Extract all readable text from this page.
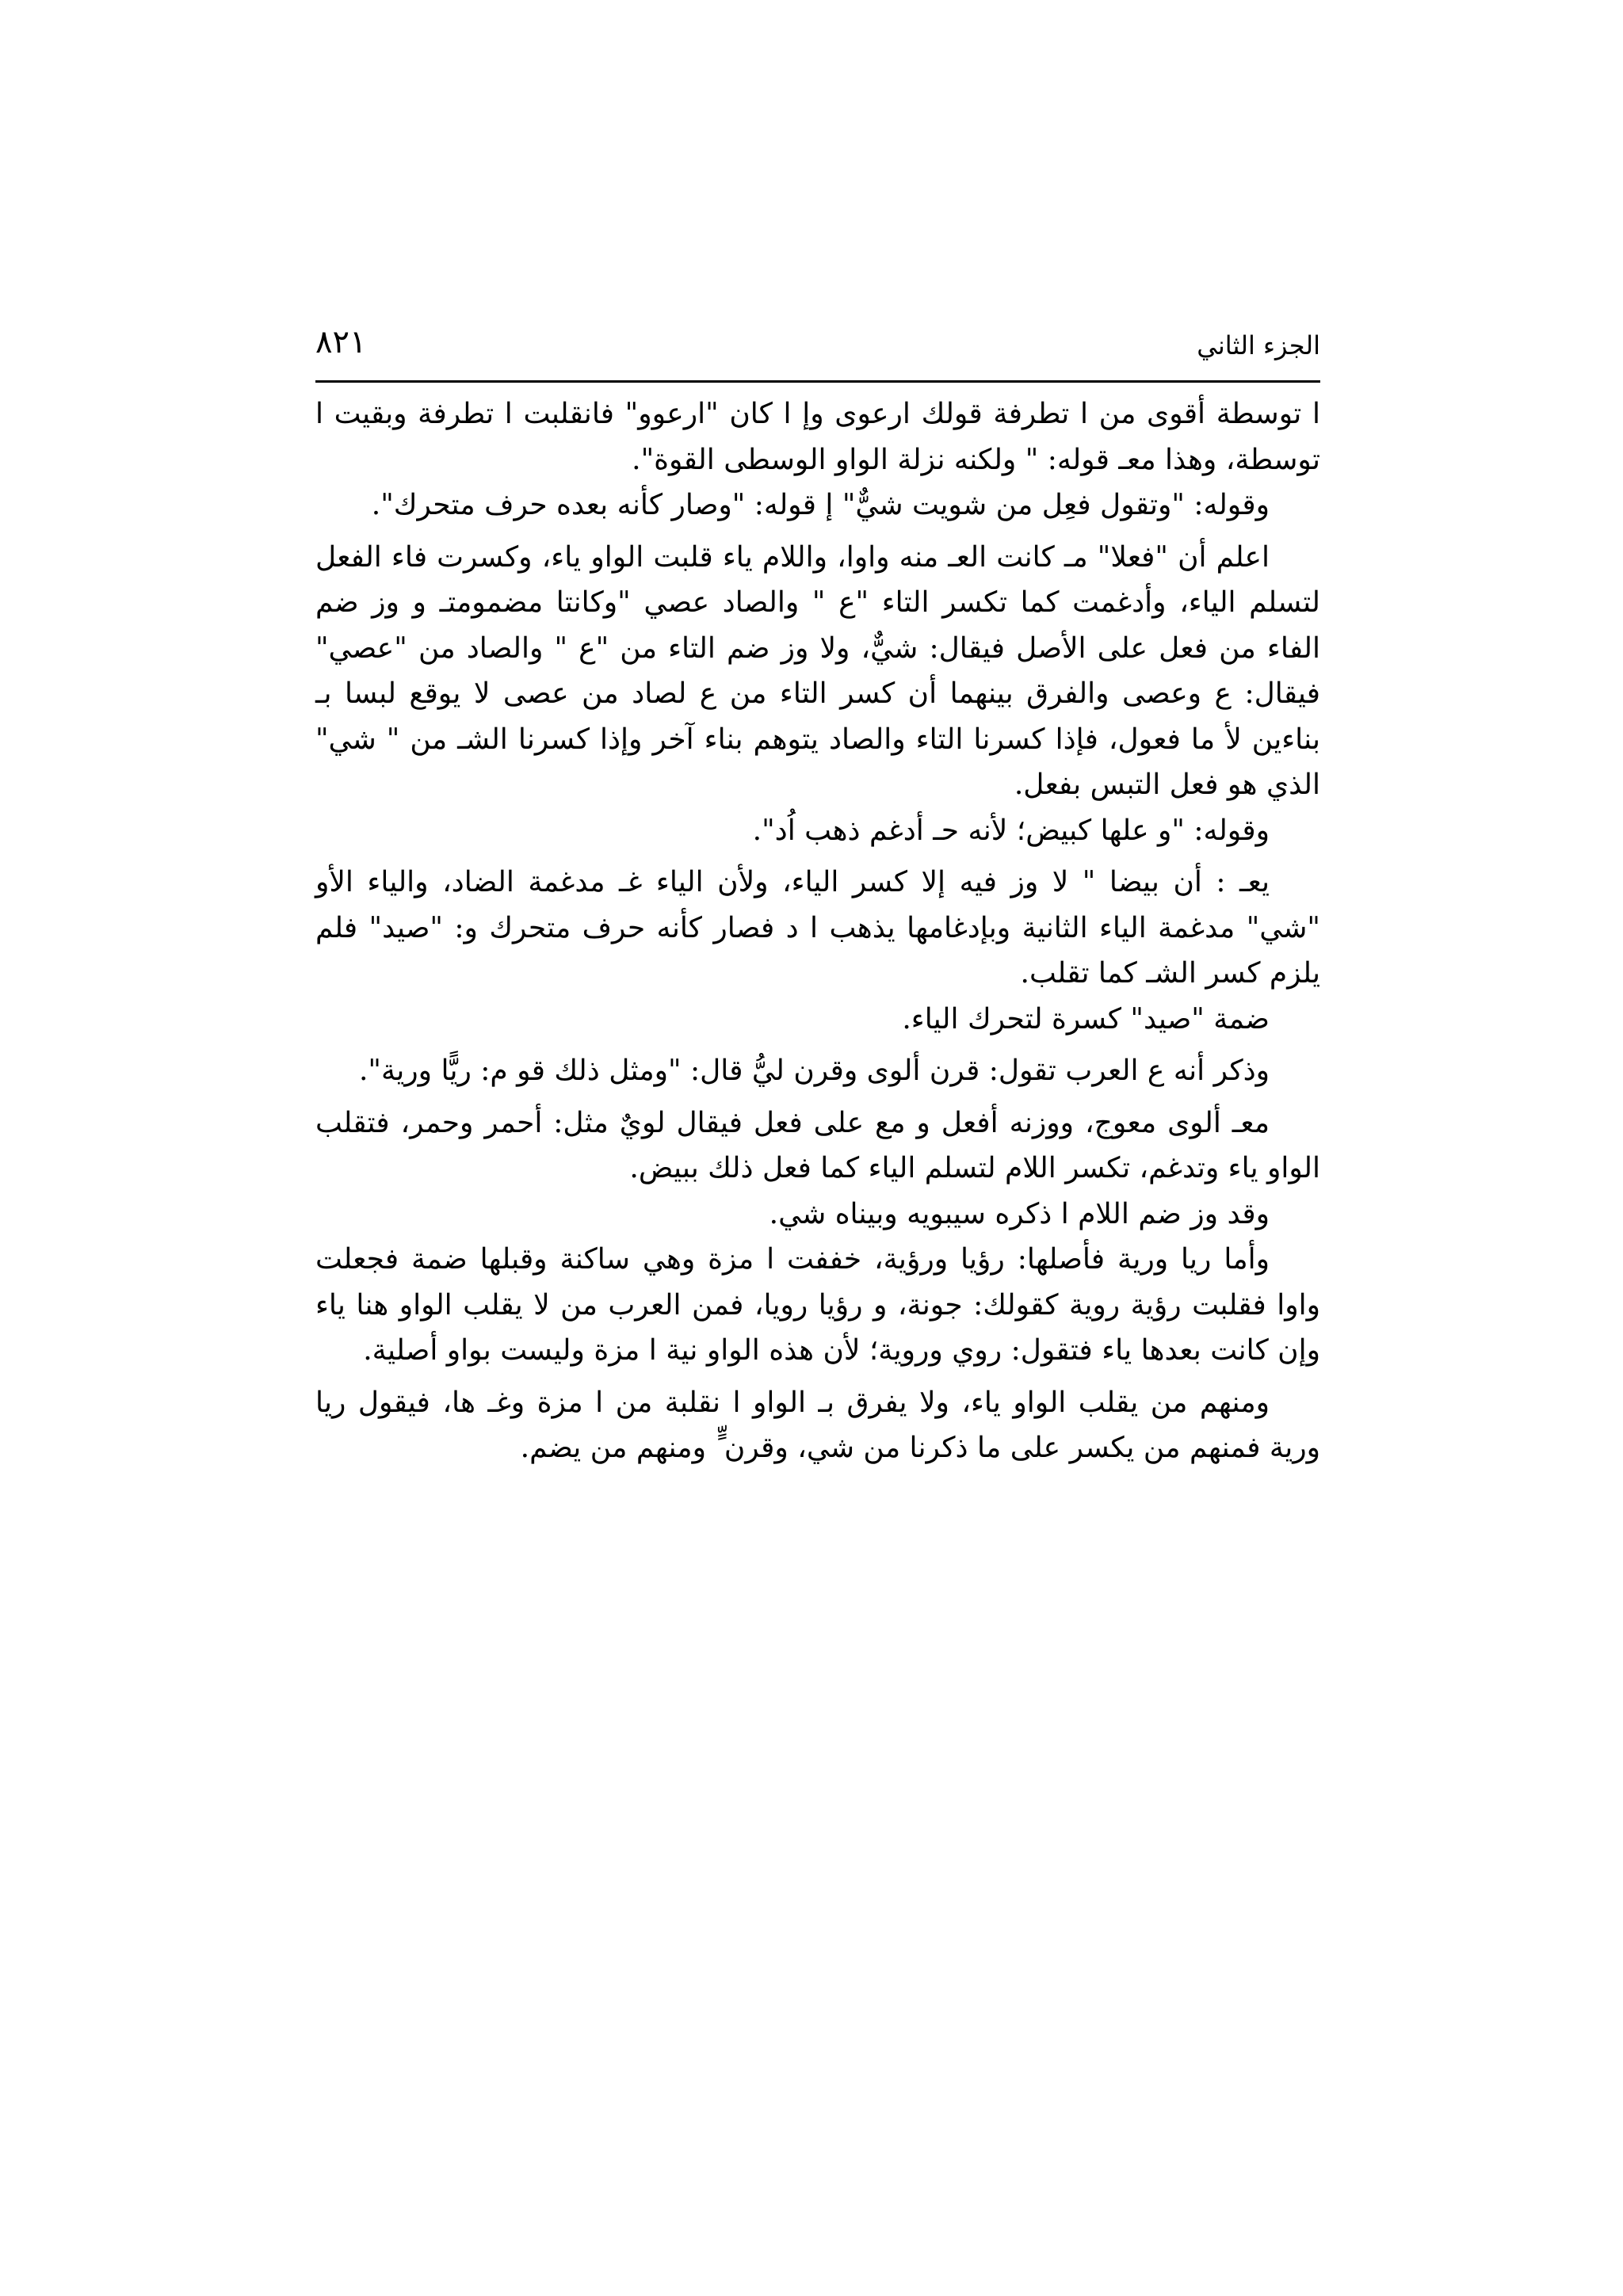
الجزء الثاني
٨٢١

ا توسطة أقوى من ا تطرفة قولك ارعوى وإ ا كان "ارعوو" فانقلبت ا تطرفة وبقيت ا توسطة، وهذا معـ قوله: " ولكنه نزلة الواو الوسطى القوة".

وقوله: "وتقول فعِل من شويت شيٌّ" إ قوله: "وصار كأنه بعده حرف متحرك".

اعلم أن "فعلا" مـ كانت العـ منه واوا، واللام ياء قلبت الواو ياء، وكسرت فاء الفعل لتسلم الياء، وأدغمت كما تكسر التاء "ع " والصاد عصي "وكانتا مضمومتـ و وز ضم الفاء من فعل على الأصل فيقال: شيٌّ، ولا وز ضم التاء من "ع " والصاد من "عصي" فيقال: ع وعصى والفرق بينهما أن كسر التاء من ع لصاد من عصى لا يوقع لبسا بـ بناءين لأ ما فعول، فإذا كسرنا التاء والصاد يتوهم بناء آخر وإذا كسرنا الشـ من " شي" الذي هو فعل التبس بفعل.

وقوله: "و علها كبيض؛ لأنه حـ أدغم ذهب اُد".

يعـ : أن بيضا " لا وز فيه إلا كسر الياء، ولأن الياء غـ مدغمة الضاد، والياء الأو "شي" مدغمة الياء الثانية وبإدغامها يذهب ا د فصار كأنه حرف متحرك و: "صيد" فلم يلزم كسر الشـ كما تقلب.

ضمة "صيد" كسرة لتحرك الياء.

وذكر أنه ع العرب تقول: قرن ألوى وقرن ليُّ قال: "ومثل ذلك قو م: ريًّا ورية".

معـ ألوى معوج، ووزنه أفعل و مع على فعل فيقال لويٌ مثل: أحمر وحمر، فتقلب الواو ياء وتدغم، تكسر اللام لتسلم الياء كما فعل ذلك ببيض.

وقد وز ضم اللام ا ذكره سيبويه وبيناه شي.

وأما ريا ورية فأصلها: رؤيا ورؤية، خففت ا مزة وهي ساكنة وقبلها ضمة فجعلت واوا فقلبت رؤية روية كقولك: جونة، و رؤيا رويا، فمن العرب من لا يقلب الواو هنا ياء وإن كانت بعدها ياء فتقول: روي وروية؛ لأن هذه الواو نية ا مزة وليست بواو أصلية.

ومنهم من يقلب الواو ياء، ولا يفرق بـ الواو ا نقلبة من ا مزة وغـ ها، فيقول ريا ورية فمنهم من يكسر على ما ذكرنا من شي، وقرن ٍّ ومنهم من يضم.
